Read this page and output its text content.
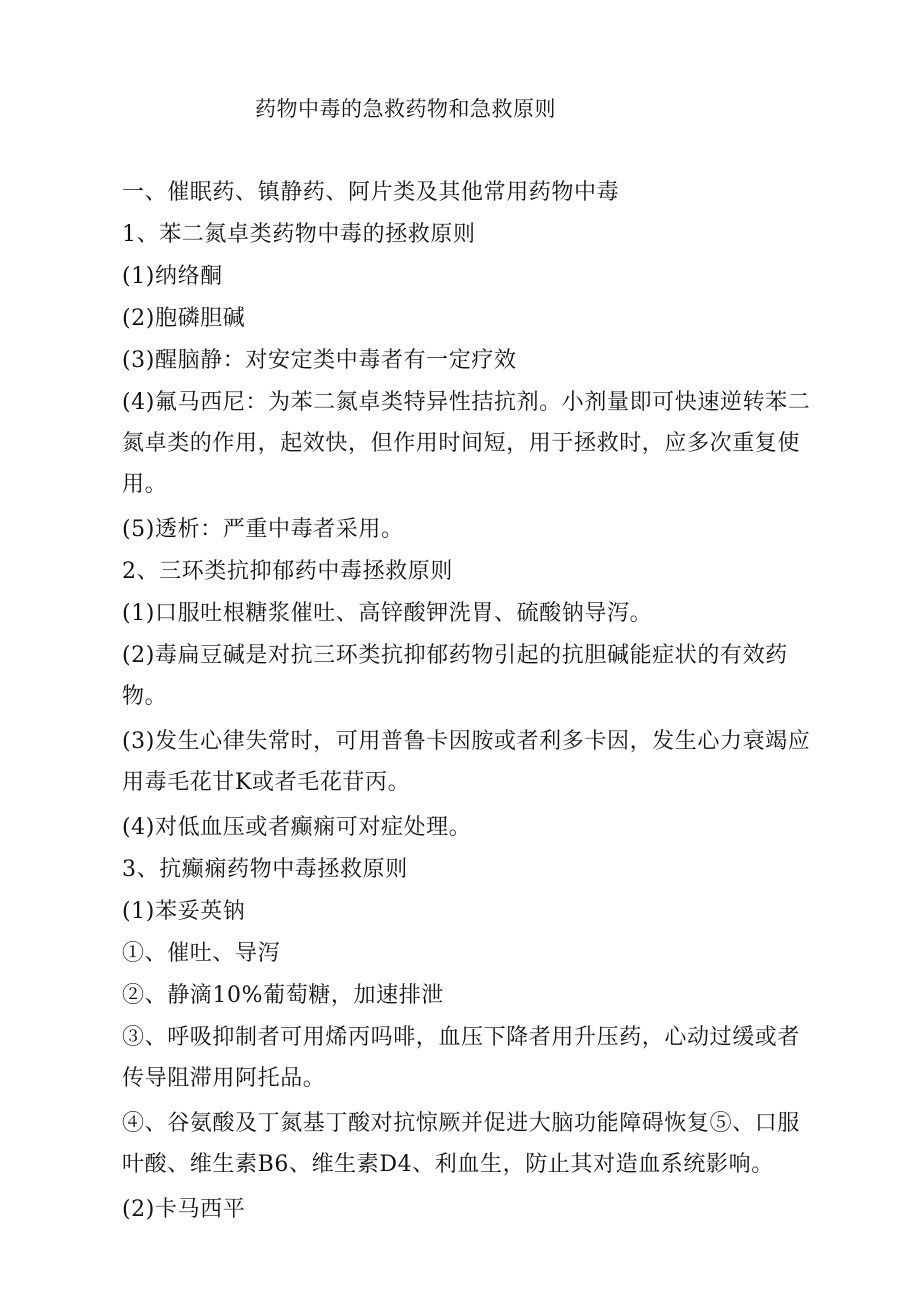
药物中毒的急救药物和急救原则

一、催眠药、镇静药、阿片类及其他常用药物中毒

1、苯二氮卓类药物中毒的拯救原则

(1)纳络酮

(2)胞磷胆碱

(3)醒脑静：对安定类中毒者有一定疗效

(4)氟马西尼：为苯二氮卓类特异性拮抗剂。小剂量即可快速逆转苯二氮卓类的作用，起效快，但作用时间短，用于拯救时，应多次重复使用。

(5)透析：严重中毒者采用。

2、三环类抗抑郁药中毒拯救原则

(1)口服吐根糖浆催吐、高锌酸钾洗胃、硫酸钠导泻。

(2)毒扁豆碱是对抗三环类抗抑郁药物引起的抗胆碱能症状的有效药物。

(3)发生心律失常时，可用普鲁卡因胺或者利多卡因，发生心力衰竭应用毒毛花甘K或者毛花苷丙。

(4)对低血压或者癫痫可对症处理。

3、抗癫痫药物中毒拯救原则

(1)苯妥英钠

①、催吐、导泻

②、静滴10%葡萄糖，加速排泄

③、呼吸抑制者可用烯丙吗啡，血压下降者用升压药，心动过缓或者传导阻滞用阿托品。

④、谷氨酸及丁氮基丁酸对抗惊厥并促进大脑功能障碍恢复⑤、口服叶酸、维生素B6、维生素D4、利血生，防止其对造血系统影响。

(2)卡马西平
